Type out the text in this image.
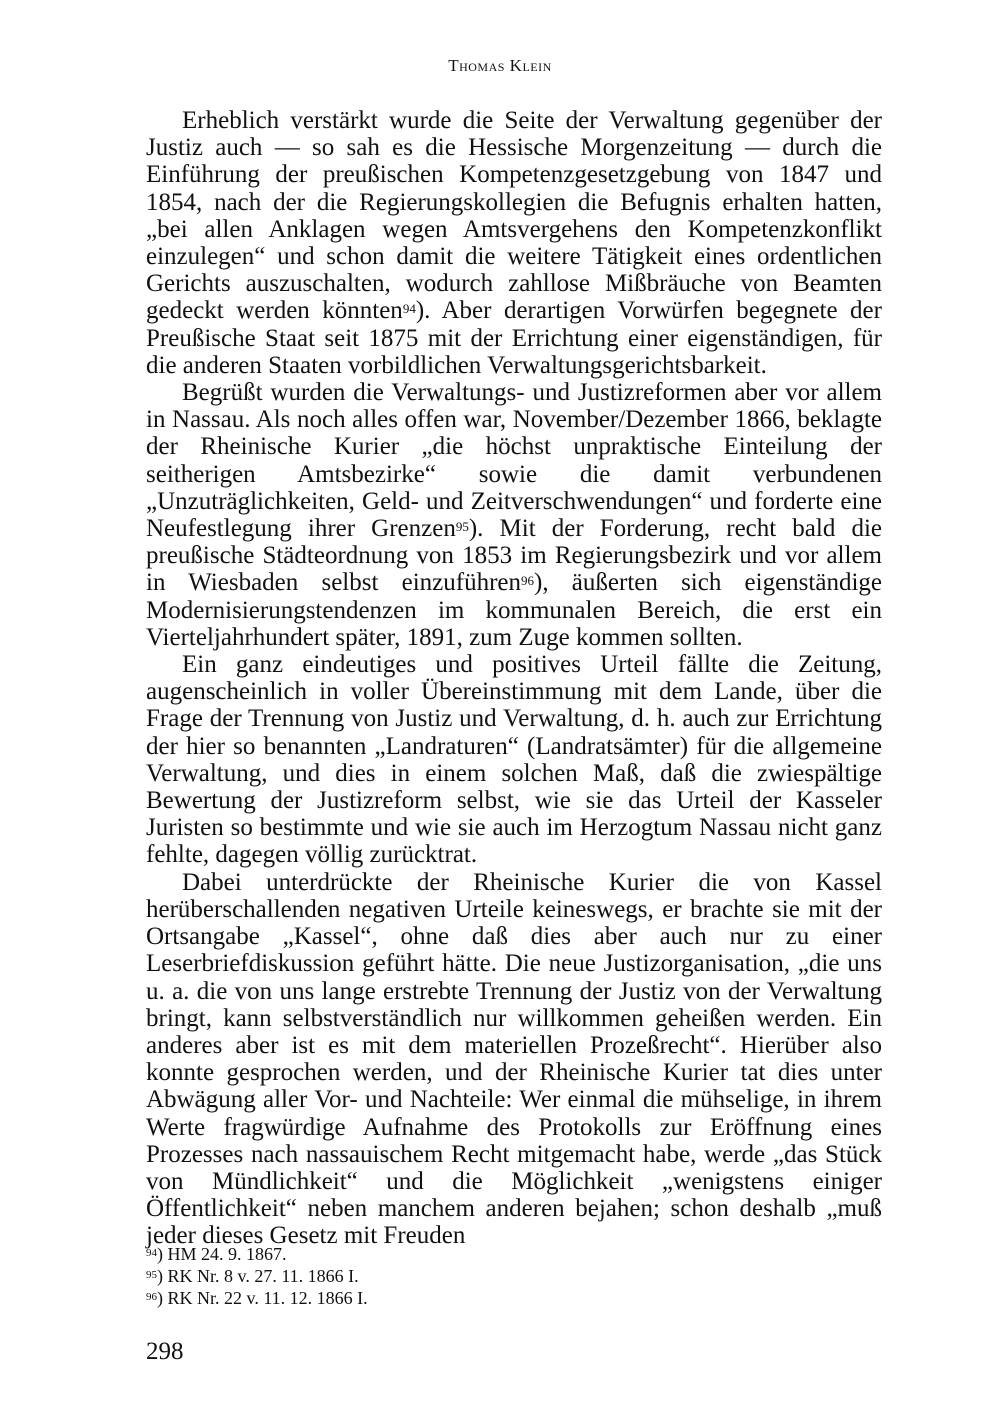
Thomas Klein

Erheblich verstärkt wurde die Seite der Verwaltung gegenüber der Justiz auch — so sah es die Hessische Morgenzeitung — durch die Einführung der preußischen Kompetenzgesetzgebung von 1847 und 1854, nach der die Regierungskollegien die Befugnis erhalten hatten, „bei allen Anklagen wegen Amtsvergehens den Kompetenzkonflikt einzulegen“ und schon damit die weitere Tätigkeit eines ordentlichen Gerichts auszuschalten, wodurch zahllose Mißbräuche von Beamten gedeckt werden könnten$^{94}$). Aber derartigen Vorwürfen begegnete der Preußische Staat seit 1875 mit der Errichtung einer eigenständigen, für die anderen Staaten vorbildlichen Verwaltungsgerichtsbarkeit.

Begrüßt wurden die Verwaltungs- und Justizreformen aber vor allem in Nassau. Als noch alles offen war, November/Dezember 1866, beklagte der Rheinische Kurier „die höchst unpraktische Einteilung der seitherigen Amtsbezirke“ sowie die damit verbundenen „Unzuträglichkeiten, Geld- und Zeitverschwendungen“ und forderte eine Neufestlegung ihrer Grenzen$^{95}$). Mit der Forderung, recht bald die preußische Städteordnung von 1853 im Regierungsbezirk und vor allem in Wiesbaden selbst einzuführen$^{96}$), äußerten sich eigenständige Modernisierungstendenzen im kommunalen Bereich, die erst ein Vierteljahrhundert später, 1891, zum Zuge kommen sollten.

Ein ganz eindeutiges und positives Urteil fällte die Zeitung, augenscheinlich in voller Übereinstimmung mit dem Lande, über die Frage der Trennung von Justiz und Verwaltung, d. h. auch zur Errichtung der hier so benannten „Landraturen“ (Landratsämter) für die allgemeine Verwaltung, und dies in einem solchen Maß, daß die zwiespältige Bewertung der Justizreform selbst, wie sie das Urteil der Kasseler Juristen so bestimmte und wie sie auch im Herzogtum Nassau nicht ganz fehlte, dagegen völlig zurücktrat.

Dabei unterdrückte der Rheinische Kurier die von Kassel herüberschallenden negativen Urteile keineswegs, er brachte sie mit der Ortsangabe „Kassel“, ohne daß dies aber auch nur zu einer Leserbriefdiskussion geführt hätte. Die neue Justizorganisation, „die uns u. a. die von uns lange erstrebte Trennung der Justiz von der Verwaltung bringt, kann selbstverständlich nur willkommen geheißen werden. Ein anderes aber ist es mit dem materiellen Prozeßrecht“. Hierüber also konnte gesprochen werden, und der Rheinische Kurier tat dies unter Abwägung aller Vor- und Nachteile: Wer einmal die mühselige, in ihrem Werte fragwürdige Aufnahme des Protokolls zur Eröffnung eines Prozesses nach nassauischem Recht mitgemacht habe, werde „das Stück von Mündlichkeit“ und die Möglichkeit „wenigstens einiger Öffentlichkeit“ neben manchem anderen bejahen; schon deshalb „muß jeder dieses Gesetz mit Freuden

$^{94}$) HM 24. 9. 1867.

$^{95}$) RK Nr. 8 v. 27. 11. 1866 I.

$^{96}$) RK Nr. 22 v. 11. 12. 1866 I.

298
